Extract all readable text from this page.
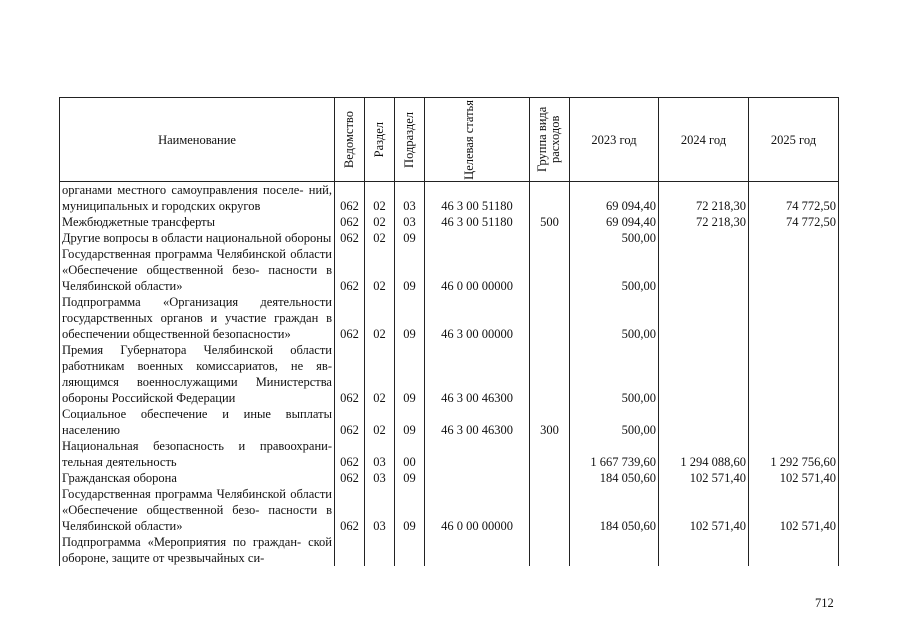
Наименование	Ведомство	Раздел	Подраздел	Целевая статья	Группа вида расходов	2023 год	2024 год	2025 год
органами местного самоуправления поселе- ний, муниципальных и городских округов	062	02	03	46 3 00 51180		69 094,40	72 218,30	74 772,50
Межбюджетные трансферты	062	02	03	46 3 00 51180	500	69 094,40	72 218,30	74 772,50
Другие вопросы в области национальной обороны	062	02	09			500,00		
Государственная программа Челябинской области «Обеспечение общественной безо- пасности в Челябинской области»	062	02	09	46 0 00 00000		500,00		
Подпрограмма «Организация деятельности государственных органов и участие граждан в обеспечении общественной безопасности»	062	02	09	46 3 00 00000		500,00		
Премия Губернатора Челябинской области работникам военных комиссариатов, не яв- ляющимся военнослужащими Министерства обороны Российской Федерации	062	02	09	46 3 00 46300		500,00		
Социальное обеспечение и иные выплаты населению	062	02	09	46 3 00 46300	300	500,00		
Национальная безопасность и правоохрани- тельная деятельность	062	03	00			1 667 739,60	1 294 088,60	1 292 756,60
Гражданская оборона	062	03	09			184 050,60	102 571,40	102 571,40
Государственная программа Челябинской области «Обеспечение общественной безо- пасности в Челябинской области»	062	03	09	46 0 00 00000		184 050,60	102 571,40	102 571,40
Подпрограмма «Мероприятия по граждан- ской обороне, защите от чрезвычайных си-								
712
